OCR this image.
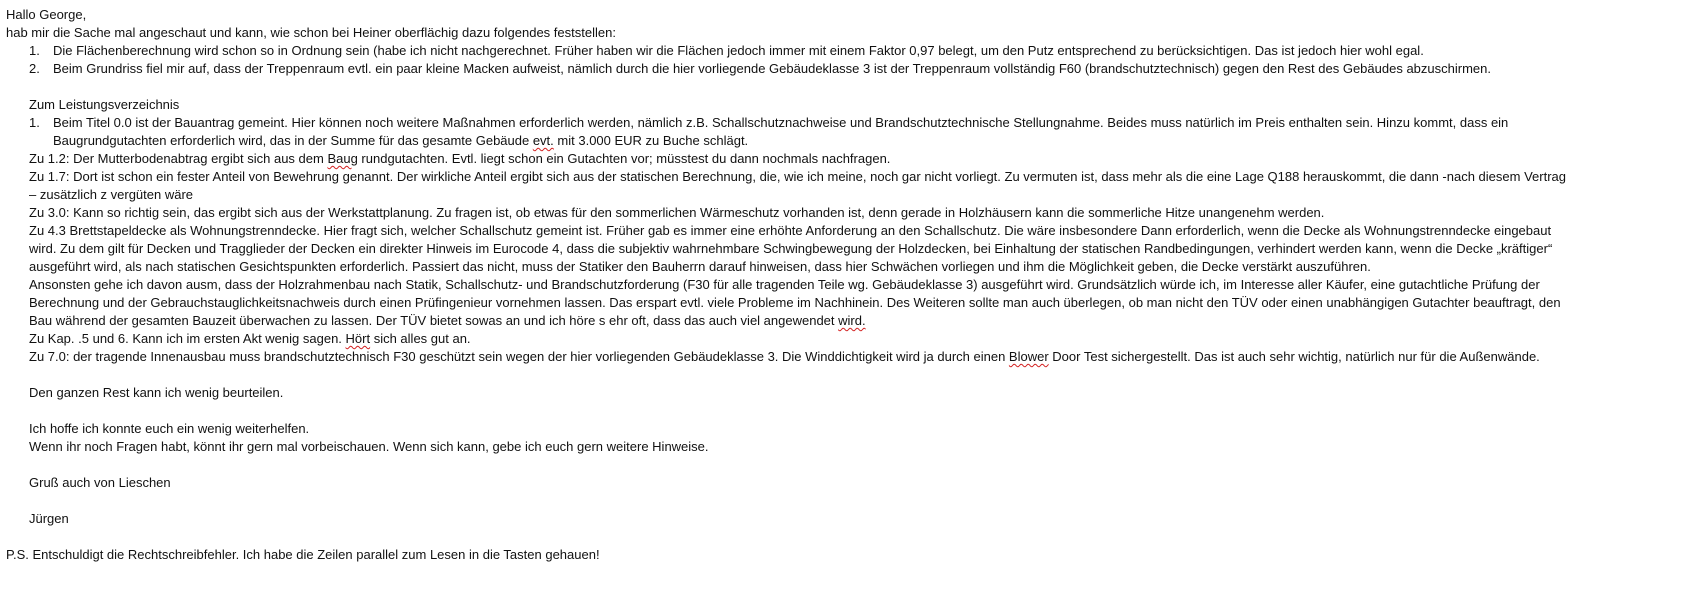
Hallo George,
hab mir die Sache mal angeschaut und kann, wie schon bei Heiner oberflächig dazu folgendes feststellen:
1. Die Flächenberechnung wird schon so in Ordnung sein (habe ich nicht nachgerechnet. Früher haben wir die Flächen jedoch immer mit einem Faktor 0,97 belegt, um den Putz entsprechend zu berücksichtigen. Das ist jedoch hier wohl egal.
2. Beim Grundriss fiel mir auf, dass der Treppenraum evtl. ein paar kleine Macken aufweist, nämlich durch die hier vorliegende Gebäudeklasse 3 ist der Treppenraum vollständig F60 (brandschutztechnisch) gegen den Rest des Gebäudes abzuschirmen.
Zum Leistungsverzeichnis
1. Beim Titel 0.0 ist der Bauantrag gemeint. Hier können noch weitere Maßnahmen erforderlich werden, nämlich z.B. Schallschutznachweise und Brandschutztechnische Stellungnahme. Beides muss natürlich im Preis enthalten sein. Hinzu kommt, dass ein Baugrundgutachten erforderlich wird, das in der Summe für das gesamte Gebäude evt. mit 3.000 EUR zu Buche schlägt.
Zu 1.2: Der Mutterbodenabtrag ergibt sich aus dem Baug rundgutachten. Evtl. liegt schon ein Gutachten vor; müsstest du dann nochmals nachfragen.
Zu 1.7: Dort ist schon ein fester Anteil von Bewehrung genannt. Der wirkliche Anteil ergibt sich aus der statischen Berechnung, die, wie ich meine, noch gar nicht vorliegt. Zu vermuten ist, dass mehr als die eine Lage Q188 herauskommt, die dann -nach diesem Vertrag – zusätzlich z vergüten wäre
Zu 3.0: Kann so richtig sein, das ergibt sich aus der Werkstattplanung. Zu fragen ist, ob etwas für den sommerlichen Wärmeschutz vorhanden ist, denn gerade in Holzhäusern kann die sommerliche Hitze unangenehm werden.
Zu 4.3 Brettstapeldecke als Wohnungstrenndecke. Hier fragt sich, welcher Schallschutz gemeint ist. Früher gab es immer eine erhöhte Anforderung an den Schallschutz. Die wäre insbesondere Dann erforderlich, wenn die Decke als Wohnungstrenndecke eingebaut wird. Zu dem gilt für Decken und Tragglieder der Decken ein direkter Hinweis im Eurocode 4, dass die subjektiv wahrnehmbare Schwingbewegung der Holzdecken, bei Einhaltung der statischen Randbedingungen, verhindert werden kann, wenn die Decke „kräftiger“ ausgeführt wird, als nach statischen Gesichtspunkten erforderlich. Passiert das nicht, muss der Statiker den Bauherrn darauf hinweisen, dass hier Schwächen vorliegen und ihm die Möglichkeit geben, die Decke verstärkt auszuführen.
Ansonsten gehe ich davon ausm, dass der Holzrahmenbau nach Statik, Schallschutz- und Brandschutzforderung (F30 für alle tragenden Teile wg. Gebäudeklasse 3) ausgeführt wird. Grundsätzlich würde ich, im Interesse aller Käufer, eine gutachtliche Prüfung der Berechnung und der Gebrauchstauglichkeitsnachweis durch einen Prüfingenieur vornehmen lassen. Das erspart evtl. viele Probleme im Nachhinein. Des Weiteren sollte man auch überlegen, ob man nicht den TÜV oder einen unabhängigen Gutachter beauftragt, den Bau während der gesamten Bauzeit überwachen zu lassen. Der TÜV bietet sowas an und ich höre s ehr oft, dass das auch viel angewendet wird.
Zu Kap. .5 und 6. Kann ich im ersten Akt wenig sagen. Hört sich alles gut an.
Zu 7.0: der tragende Innenausbau muss brandschutztechnisch F30 geschützt sein wegen der hier vorliegenden Gebäudeklasse 3. Die Winddichtigkeit wird ja durch einen Blower Door Test sichergestellt. Das ist auch sehr wichtig, natürlich nur für die Außenwände.
Den ganzen Rest kann ich wenig beurteilen.
Ich hoffe ich konnte euch ein wenig weiterhelfen.
Wenn ihr noch Fragen habt, könnt ihr gern mal vorbeischauen. Wenn sich kann, gebe ich euch gern weitere Hinweise.
Gruß auch von Lieschen
Jürgen
P.S. Entschuldigt die Rechtschreibfehler. Ich habe die Zeilen parallel zum Lesen in die Tasten gehauen!
